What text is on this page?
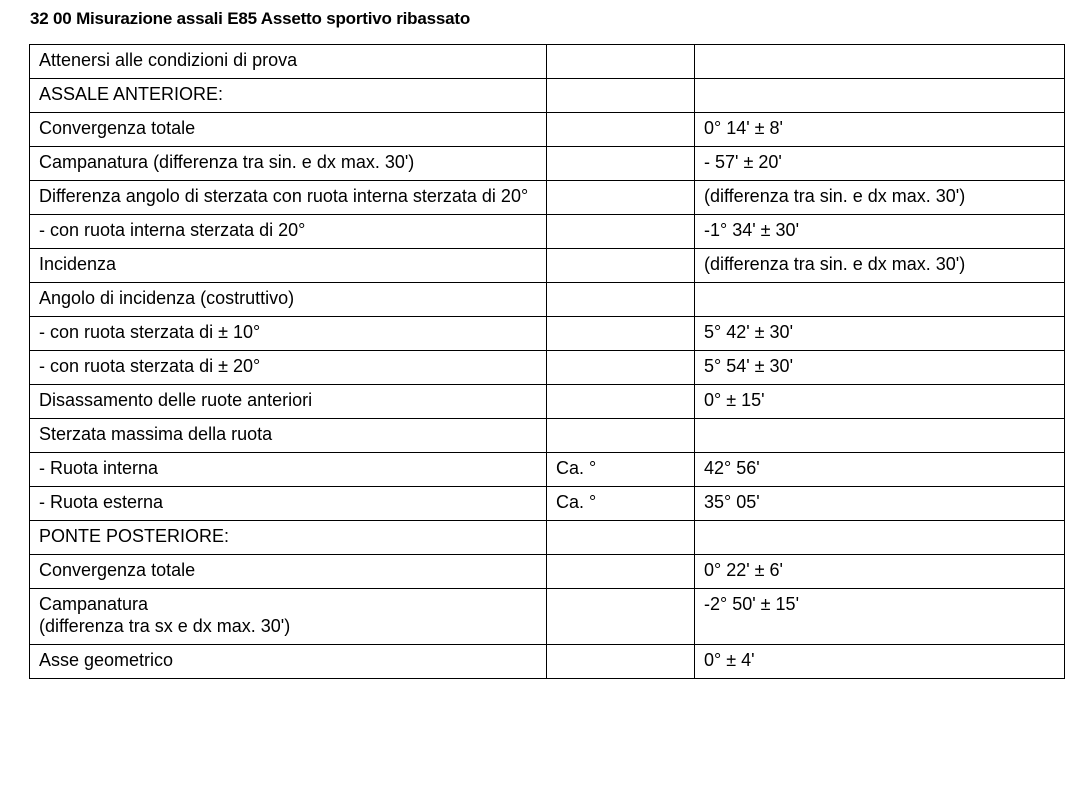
32 00 Misurazione assali E85 Assetto sportivo ribassato
Attenersi alle condizioni di prova		
ASSALE ANTERIORE:		
Convergenza totale		0° 14' ± 8'
Campanatura (differenza tra sin. e dx max. 30')		- 57' ± 20'
Differenza angolo di sterzata con ruota interna sterzata di 20°		(differenza tra sin. e dx max. 30')
- con ruota interna sterzata di 20°		-1° 34' ± 30'
Incidenza		(differenza tra sin. e dx max. 30')
Angolo di incidenza (costruttivo)		
- con ruota sterzata di ± 10°		5° 42' ± 30'
- con ruota sterzata di ± 20°		5° 54' ± 30'
Disassamento delle ruote anteriori		0° ± 15'
Sterzata massima della ruota		
- Ruota interna	Ca. °	42° 56'
- Ruota esterna	Ca. °	35° 05'
PONTE POSTERIORE:		
Convergenza totale		0° 22' ± 6'
Campanatura
(differenza tra sx e dx max. 30')		-2° 50' ± 15'
Asse geometrico		0° ± 4'
